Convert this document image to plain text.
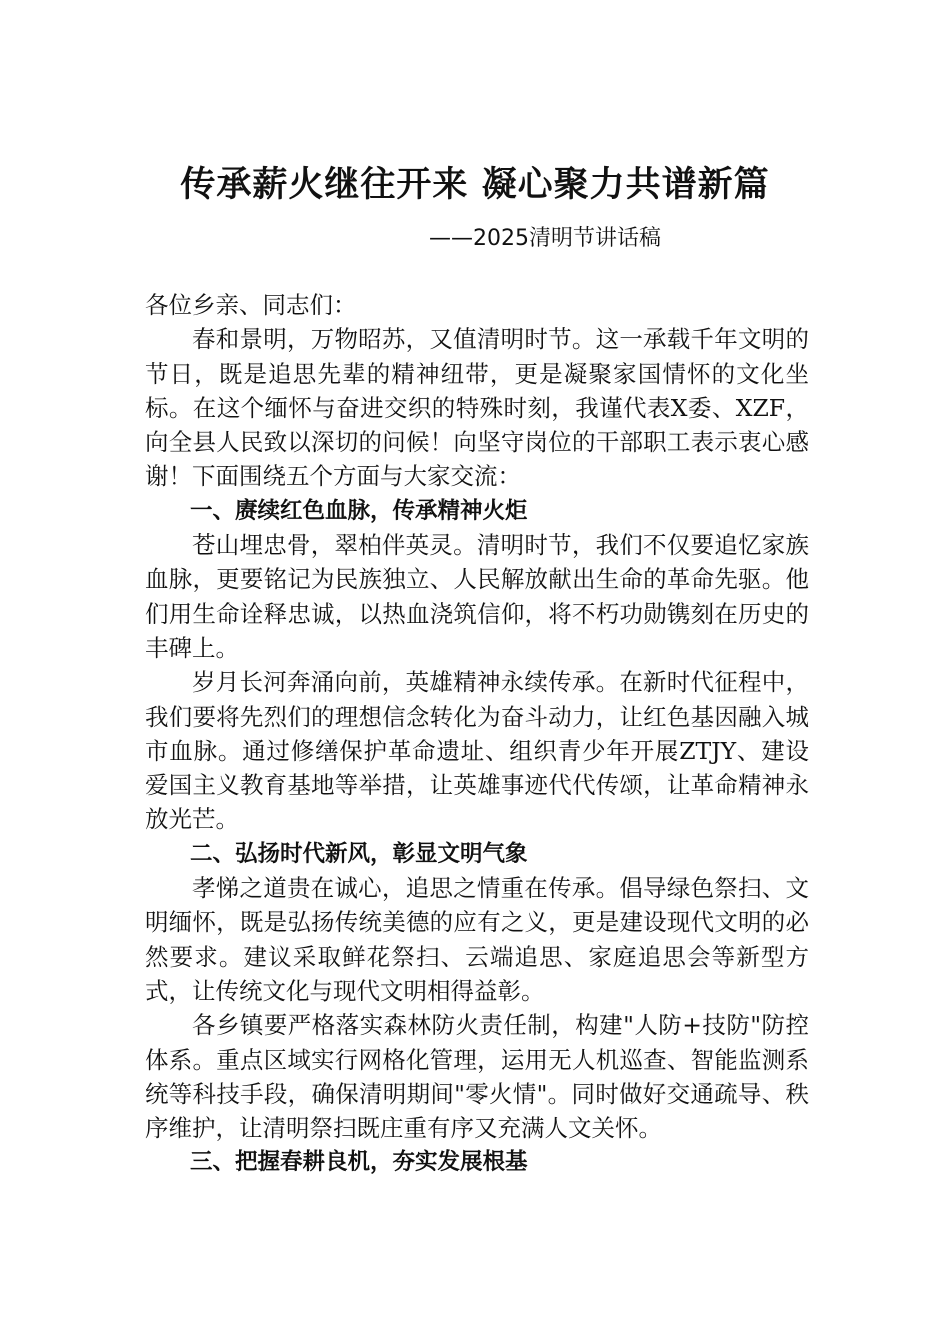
传承薪火继往开来 凝心聚力共谱新篇
——2025清明节讲话稿

各位乡亲、同志们：

春和景明，万物昭苏，又值清明时节。这一承载千年文明的节日，既是追思先辈的精神纽带，更是凝聚家国情怀的文化坐标。在这个缅怀与奋进交织的特殊时刻，我谨代表X委、XZF，向全县人民致以深切的问候！向坚守岗位的干部职工表示衷心感谢！下面围绕五个方面与大家交流：

一、赓续红色血脉，传承精神火炬

苍山埋忠骨，翠柏伴英灵。清明时节，我们不仅要追忆家族血脉，更要铭记为民族独立、人民解放献出生命的革命先驱。他们用生命诠释忠诚，以热血浇筑信仰，将不朽功勋镌刻在历史的丰碑上。

岁月长河奔涌向前，英雄精神永续传承。在新时代征程中，我们要将先烈们的理想信念转化为奋斗动力，让红色基因融入城市血脉。通过修缮保护革命遗址、组织青少年开展ZTJY、建设爱国主义教育基地等举措，让英雄事迹代代传颂，让革命精神永放光芒。

二、弘扬时代新风，彰显文明气象

孝悌之道贵在诚心，追思之情重在传承。倡导绿色祭扫、文明缅怀，既是弘扬传统美德的应有之义，更是建设现代文明的必然要求。建议采取鲜花祭扫、云端追思、家庭追思会等新型方式，让传统文化与现代文明相得益彰。

各乡镇要严格落实森林防火责任制，构建"人防+技防"防控体系。重点区域实行网格化管理，运用无人机巡查、智能监测系统等科技手段，确保清明期间"零火情"。同时做好交通疏导、秩序维护，让清明祭扫既庄重有序又充满人文关怀。

三、把握春耕良机，夯实发展根基
